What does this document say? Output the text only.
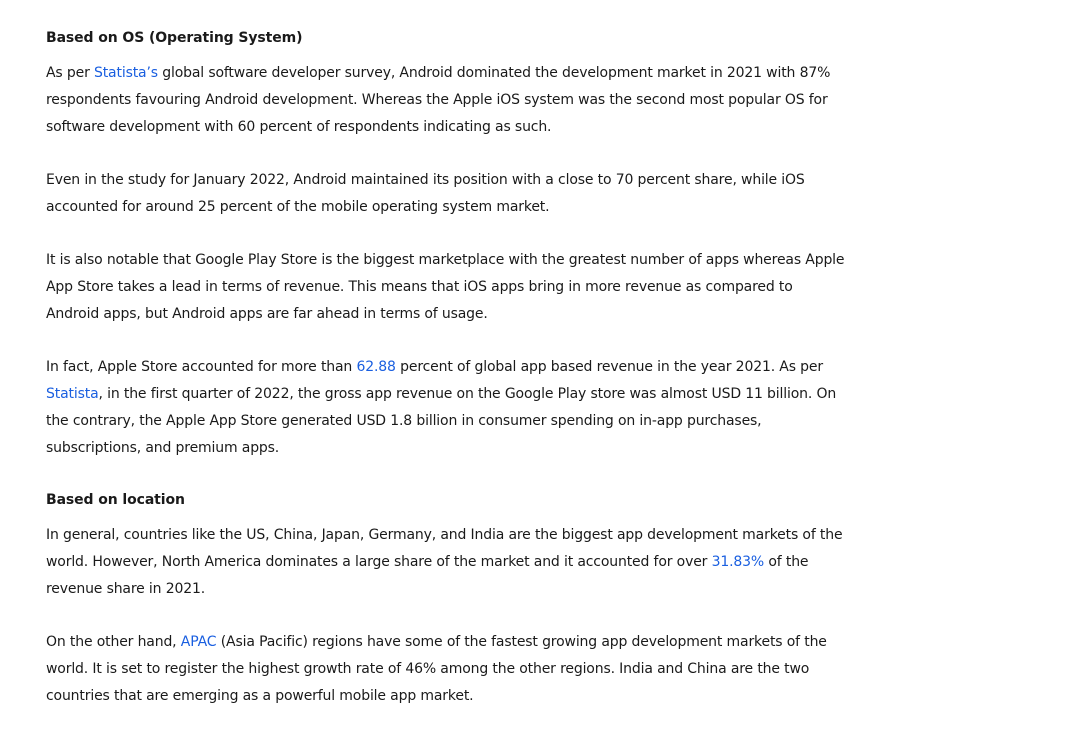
Based on OS (Operating System)

As per Statista’s global software developer survey, Android dominated the development market in 2021 with 87% respondents favouring Android development. Whereas the Apple iOS system was the second most popular OS for software development with 60 percent of respondents indicating as such.

Even in the study for January 2022, Android maintained its position with a close to 70 percent share, while iOS accounted for around 25 percent of the mobile operating system market.

It is also notable that Google Play Store is the biggest marketplace with the greatest number of apps whereas Apple App Store takes a lead in terms of revenue. This means that iOS apps bring in more revenue as compared to Android apps, but Android apps are far ahead in terms of usage.

In fact, Apple Store accounted for more than 62.88 percent of global app based revenue in the year 2021. As per Statista, in the first quarter of 2022, the gross app revenue on the Google Play store was almost USD 11 billion. On the contrary, the Apple App Store generated USD 1.8 billion in consumer spending on in-app purchases, subscriptions, and premium apps.

Based on location

In general, countries like the US, China, Japan, Germany, and India are the biggest app development markets of the world. However, North America dominates a large share of the market and it accounted for over 31.83% of the revenue share in 2021.

On the other hand, APAC (Asia Pacific) regions have some of the fastest growing app development markets of the world. It is set to register the highest growth rate of 46% among the other regions. India and China are the two countries that are emerging as a powerful mobile app market.
